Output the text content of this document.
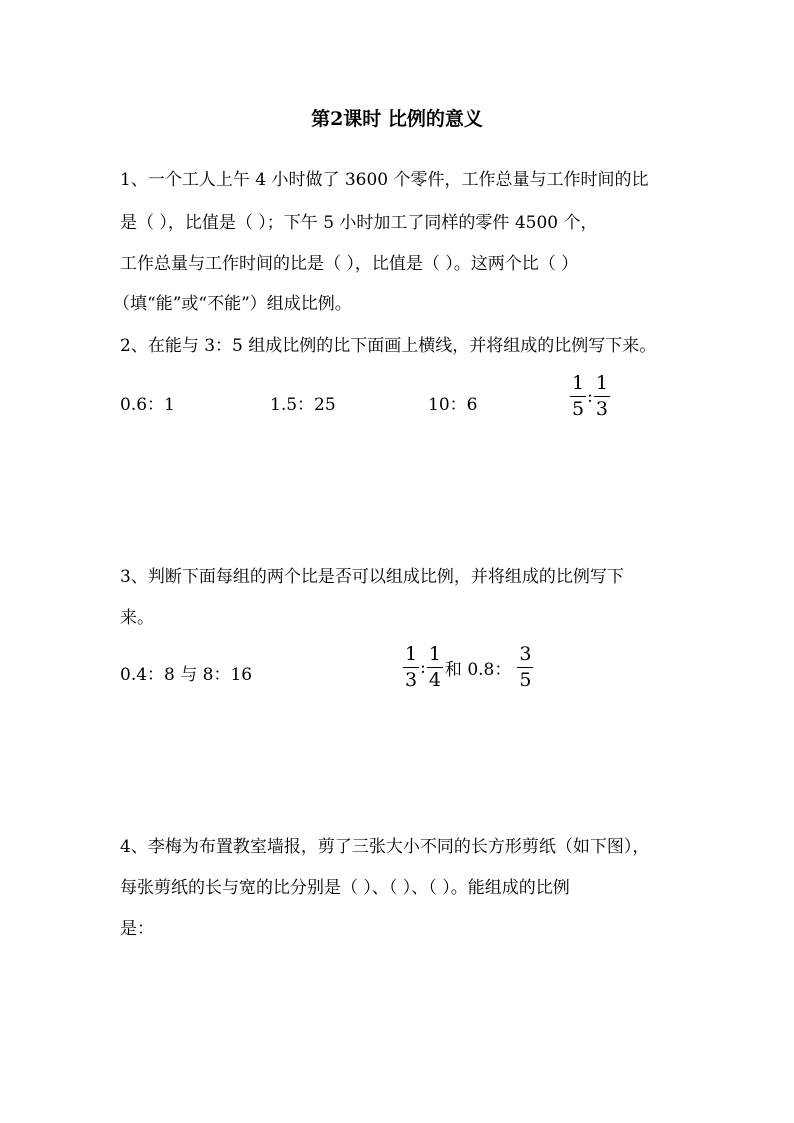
第2课时 比例的意义
1、一个工人上午 4 小时做了 3600 个零件，工作总量与工作时间的比
是（ ），比值是（ ）；下午 5 小时加工了同样的零件 4500 个，
工作总量与工作时间的比是（ ），比值是（ ）。这两个比（ ）
（填“能”或“不能”）组成比例。
2、在能与 3：5 组成比例的比下面画上横线，并将组成的比例写下来。
0.6：1	1.5：25	10：6	$\frac{1}{5}$ : $\frac{1}{3}$
3、判断下面每组的两个比是否可以组成比例，并将组成的比例写下
来。
0.4：8 与 8：16	$\frac{1}{3}$ : $\frac{1}{4}$ 和 0.8： $\frac{3}{5}$
4、李梅为布置教室墙报，剪了三张大小不同的长方形剪纸（如下图），
每张剪纸的长与宽的比分别是（ ）、（ ）、（ ）。能组成的比例
是：
